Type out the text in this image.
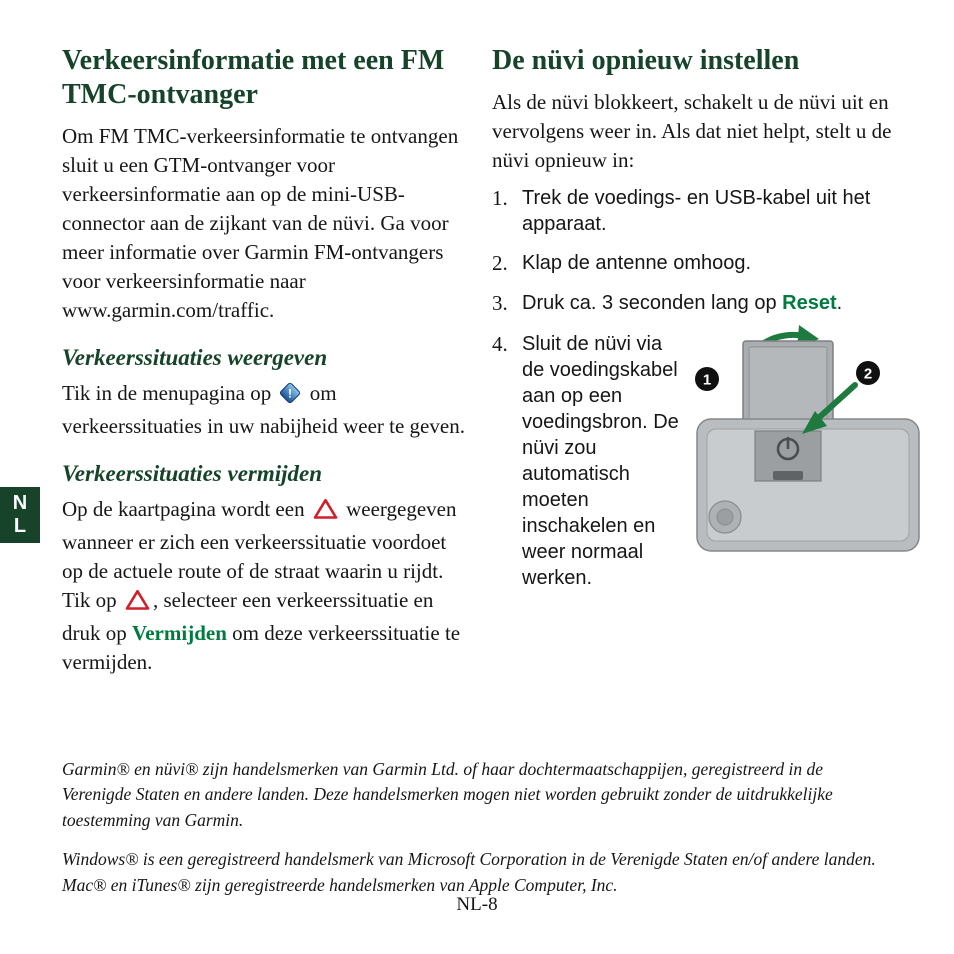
N
L
Verkeersinformatie met een FM TMC-ontvanger

Om FM TMC-verkeersinformatie te ontvangen sluit u een GTM-ontvanger voor verkeersinformatie aan op de mini-USB-connector aan de zijkant van de nüvi. Ga voor meer informatie over Garmin FM-ontvangers voor verkeersinformatie naar www.garmin.com/traffic.

Verkeerssituaties weergeven

Tik in de menupagina op ! om verkeerssituaties in uw nabijheid weer te geven.

Verkeerssituaties vermijden

Op de kaartpagina wordt een  weergegeven wanneer er zich een verkeerssituatie voordoet op de actuele route of de straat waarin u rijdt. Tik op , selecteer een verkeerssituatie en druk op Vermijden om deze verkeerssituatie te vermijden.

De nüvi opnieuw instellen

Als de nüvi blokkeert, schakelt u de nüvi uit en vervolgens weer in. Als dat niet helpt, stelt u de nüvi opnieuw in:

1. Trek de voedings- en USB-kabel uit het apparaat.
2. Klap de antenne omhoog.
3. Druk ca. 3 seconden lang op Reset.
4.
1	2
Sluit de nüvi via de voedingskabel aan op een voedingsbron. De nüvi zou automatisch moeten inschakelen en weer normaal werken.

Garmin® en nüvi® zijn handelsmerken van Garmin Ltd. of haar dochtermaatschappijen, geregistreerd in de Verenigde Staten en andere landen. Deze handelsmerken mogen niet worden gebruikt zonder de uitdrukkelijke toestemming van Garmin.

Windows® is een geregistreerd handelsmerk van Microsoft Corporation in de Verenigde Staten en/of andere landen. Mac® en iTunes® zijn geregistreerde handelsmerken van Apple Computer, Inc.

NL-8
